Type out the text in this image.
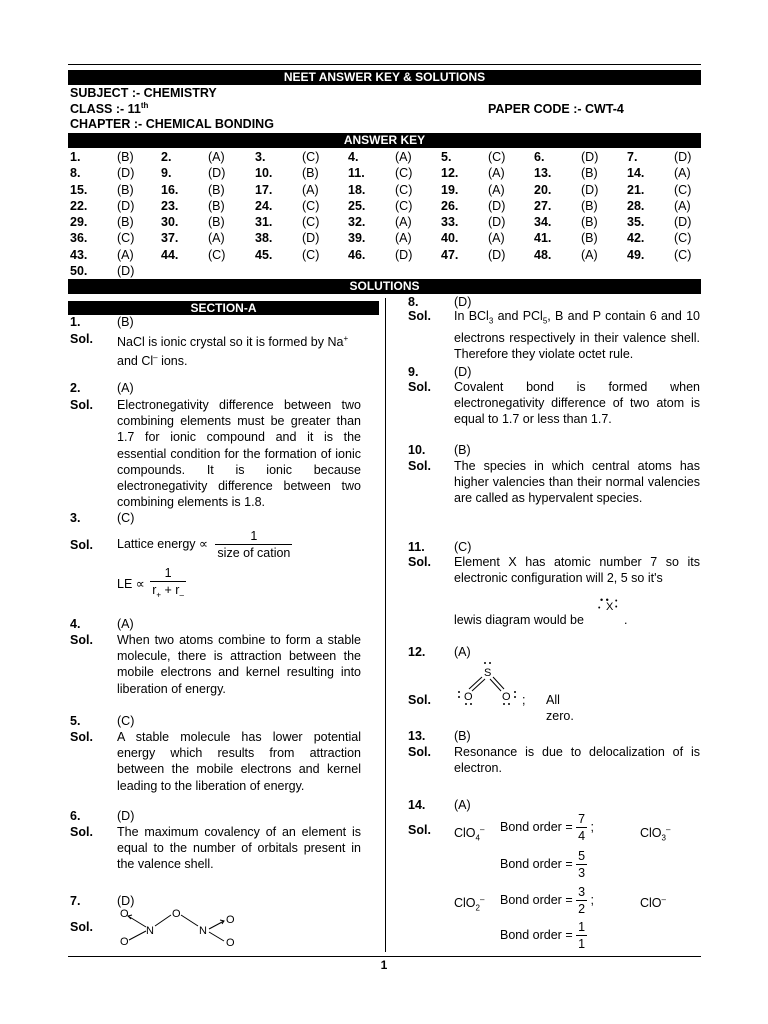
NEET ANSWER KEY & SOLUTIONS
SUBJECT :- CHEMISTRY
CLASS :- 11th	PAPER CODE :- CWT-4
CHAPTER :- CHEMICAL BONDING
ANSWER KEY
1.	(B) 2.	(A) 3.	(C) 4.	(A) 5.	(C) 6.	(D) 7.	(D)
8.	(D) 9.	(D) 10. (B) 11. (C) 12. (A) 13. (B) 14. (A)
15. (B) 16. (B) 17. (A) 18. (C) 19. (A) 20. (D) 21. (C)
22. (D) 23. (B) 24. (C) 25. (C) 26. (D) 27. (B) 28. (A)
29. (B) 30. (B) 31. (C) 32. (A) 33. (D) 34. (B) 35. (D)
36. (C) 37. (A) 38. (D) 39. (A) 40. (A) 41. (B) 42. (C)
43. (A) 44. (C) 45. (C) 46. (D) 47. (D) 48. (A) 49. (C)
50. (D)
SOLUTIONS
SECTION-A
1.	(B)
Sol. NaCl is ionic crystal so it is formed by Na+
and Cl– ions.
2.	(A)
Sol. Electronegativity difference between two combining elements must be greater than 1.7 for ionic compound and it is the essential condition for the formation of ionic compounds. It is ionic because electronegativity difference between two combining elements is 1.8.
3.	(C)
Sol. Lattice energy ∝ $\frac{1}{\text{size of cation}}$
LE ∝ $\frac{1}{r_+ + r_-}$
4.	(A)
Sol. When two atoms combine to form a stable molecule, there is attraction between the mobile electrons and kernel resulting into liberation of energy.
5.	(C)
Sol. A stable molecule has lower potential energy which results from attraction between the mobile electrons and kernel leading to the liberation of energy.
6.	(D)
Sol. The maximum covalency of an element is equal to the number of orbitals present in the valence shell.
7.	(D)
Sol.
O
N
O
N
O
O	O
8.	(D)
Sol. In BCl$_3$ and PCl$_5$, B and P contain 6 and 10 electrons respectively in their valence shell. Therefore they violate octet rule.
9.	(D)
Sol. Covalent bond is formed when electronegativity difference of two atom is equal to 1.7 or less than 1.7.
10. (B)
Sol. The species in which central atoms has higher valencies than their normal valencies are called as hypervalent species.
11. (C)
Sol. Element X has atomic number 7 so its electronic configuration will 2, 5 so it's
lewis diagram would be
X
• •
•
•
•
.
12. (A)
Sol.
S
O	O ; All zero.
13. (B)
Sol. Resonance is due to delocalization of is electron.
14. (A)
Sol. ClO$_4$– Bond order = $\frac{7}{4}$ ;	ClO$_3$–
Bond order = $\frac{5}{3}$
ClO$_2$– Bond order = $\frac{3}{2}$ ;	ClO–
Bond order = $\frac{1}{1}$
1
